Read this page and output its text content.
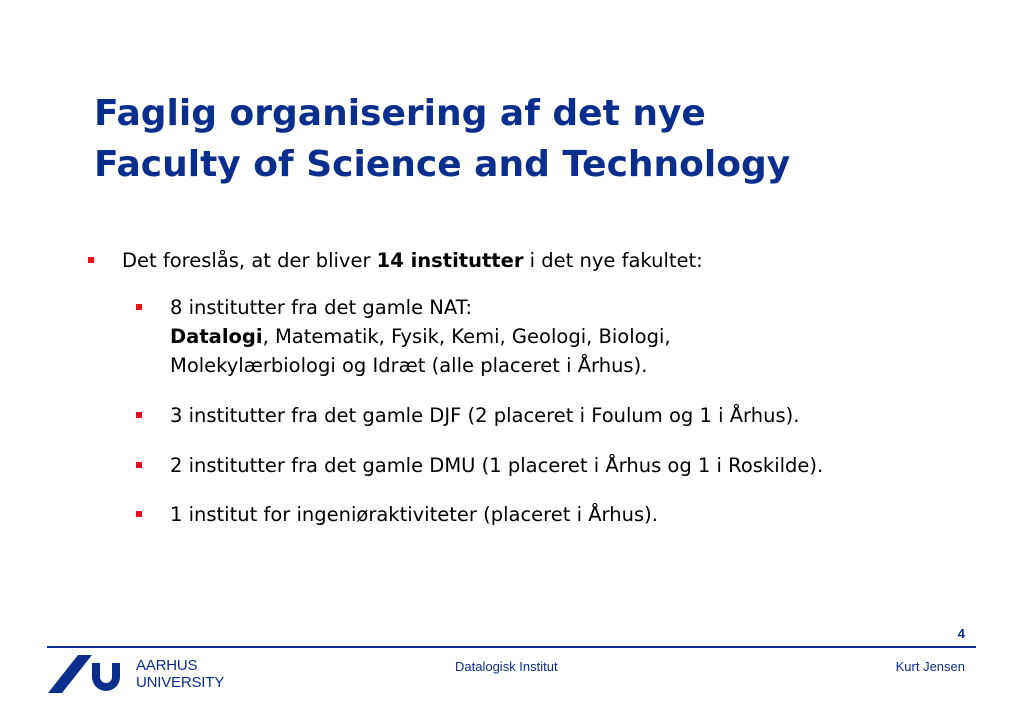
Faglig organisering af det nye
Faculty of Science and Technology
Det foreslås, at der bliver 14 institutter i det nye fakultet:
8 institutter fra det gamle NAT:
Datalogi, Matematik, Fysik, Kemi, Geologi, Biologi,
Molekylærbiologi og Idræt (alle placeret i Århus).
3 institutter fra det gamle DJF (2 placeret i Foulum og 1 i Århus).
2 institutter fra det gamle DMU (1 placeret i Århus og 1 i Roskilde).
1 institut for ingeniøraktiviteter (placeret i Århus).
4
AARHUS
UNIVERSITY
Datalogisk Institut	Kurt Jensen
